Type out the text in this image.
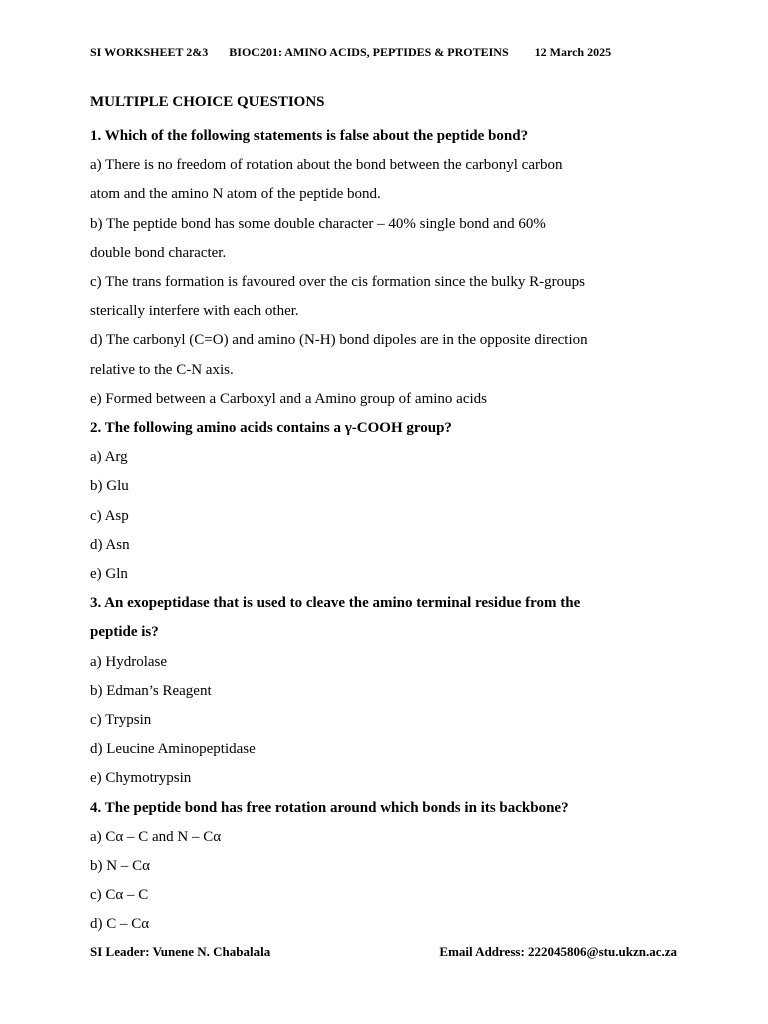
SI WORKSHEET 2&3 BIOC201: AMINO ACIDS, PEPTIDES & PROTEINS 12 March 2025
MULTIPLE CHOICE QUESTIONS
1. Which of the following statements is false about the peptide bond?
a) There is no freedom of rotation about the bond between the carbonyl carbon
atom and the amino N atom of the peptide bond.
b) The peptide bond has some double character – 40% single bond and 60%
double bond character.
c) The trans formation is favoured over the cis formation since the bulky R-groups
sterically interfere with each other.
d) The carbonyl (C=O) and amino (N-H) bond dipoles are in the opposite direction
relative to the C-N axis.
e) Formed between a Carboxyl and a Amino group of amino acids
2. The following amino acids contains a γ-COOH group?
a) Arg
b) Glu
c) Asp
d) Asn
e) Gln
3. An exopeptidase that is used to cleave the amino terminal residue from the
peptide is?
a) Hydrolase
b) Edman’s Reagent
c) Trypsin
d) Leucine Aminopeptidase
e) Chymotrypsin
4. The peptide bond has free rotation around which bonds in its backbone?
a) Cα – C and N – Cα
b) N – Cα
c) Cα – C
d) C – Cα
SI Leader: Vunene N. Chabalala	Email Address: 222045806@stu.ukzn.ac.za
